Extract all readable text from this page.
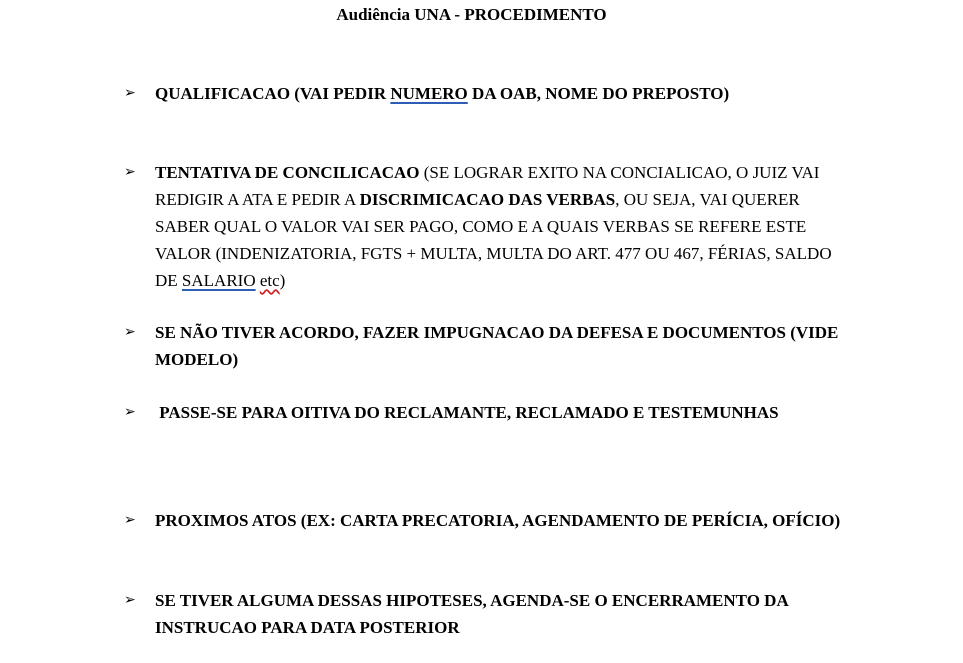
Audiência UNA - PROCEDIMENTO
➢	QUALIFICACAO (VAI PEDIR NUMERO DA OAB, NOME DO PREPOSTO)
➢	TENTATIVA DE CONCILICACAO (SE LOGRAR EXITO NA CONCIALICAO, O JUIZ VAI REDIGIR A ATA E PEDIR A DISCRIMICACAO DAS VERBAS, OU SEJA, VAI QUERER SABER QUAL O VALOR VAI SER PAGO, COMO E A QUAIS VERBAS SE REFERE ESTE VALOR (INDENIZATORIA, FGTS + MULTA, MULTA DO ART. 477 OU 467, FÉRIAS, SALDO DE SALARIO etc)
➢	SE NÃO TIVER ACORDO, FAZER IMPUGNACAO DA DEFESA E DOCUMENTOS (VIDE MODELO)
➢	PASSE-SE PARA OITIVA DO RECLAMANTE, RECLAMADO E TESTEMUNHAS
➢	PROXIMOS ATOS (EX: CARTA PRECATORIA, AGENDAMENTO DE PERÍCIA, OFÍCIO)
➢	SE TIVER ALGUMA DESSAS HIPOTESES, AGENDA-SE O ENCERRAMENTO DA INSTRUCAO PARA DATA POSTERIOR
